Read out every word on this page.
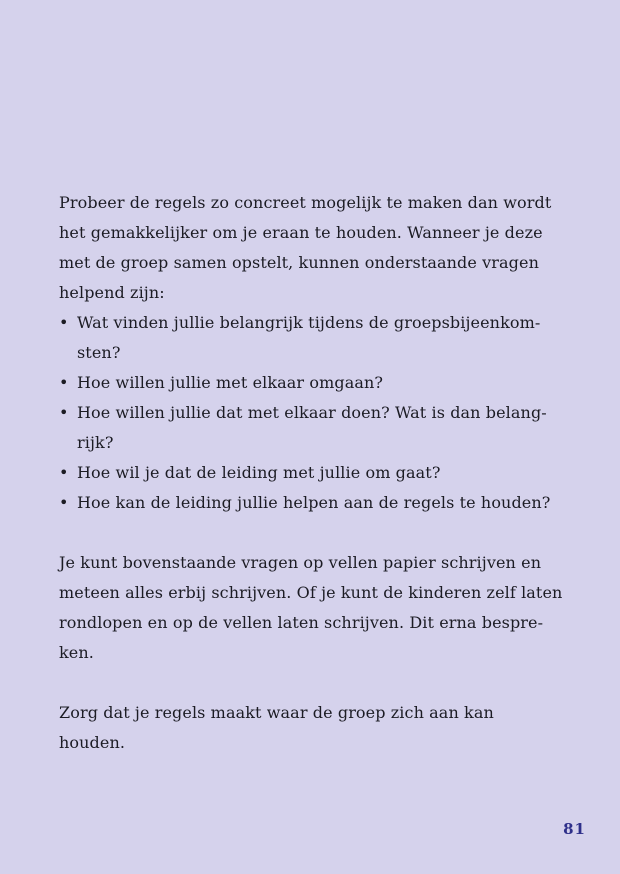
Probeer de regels zo concreet mogelijk te maken dan wordt
het gemakkelijker om je eraan te houden. Wanneer je deze
met de groep samen opstelt, kunnen onderstaande vragen
helpend zijn:

• Wat vinden jullie belangrijk tijdens de groepsbijeenkom-
sten?
• Hoe willen jullie met elkaar omgaan?
• Hoe willen jullie dat met elkaar doen? Wat is dan belang-
rijk?
• Hoe wil je dat de leiding met jullie om gaat?
• Hoe kan de leiding jullie helpen aan de regels te houden?

Je kunt bovenstaande vragen op vellen papier schrijven en
meteen alles erbij schrijven. Of je kunt de kinderen zelf laten
rondlopen en op de vellen laten schrijven. Dit erna bespre-
ken.

Zorg dat je regels maakt waar de groep zich aan kan houden.

81
